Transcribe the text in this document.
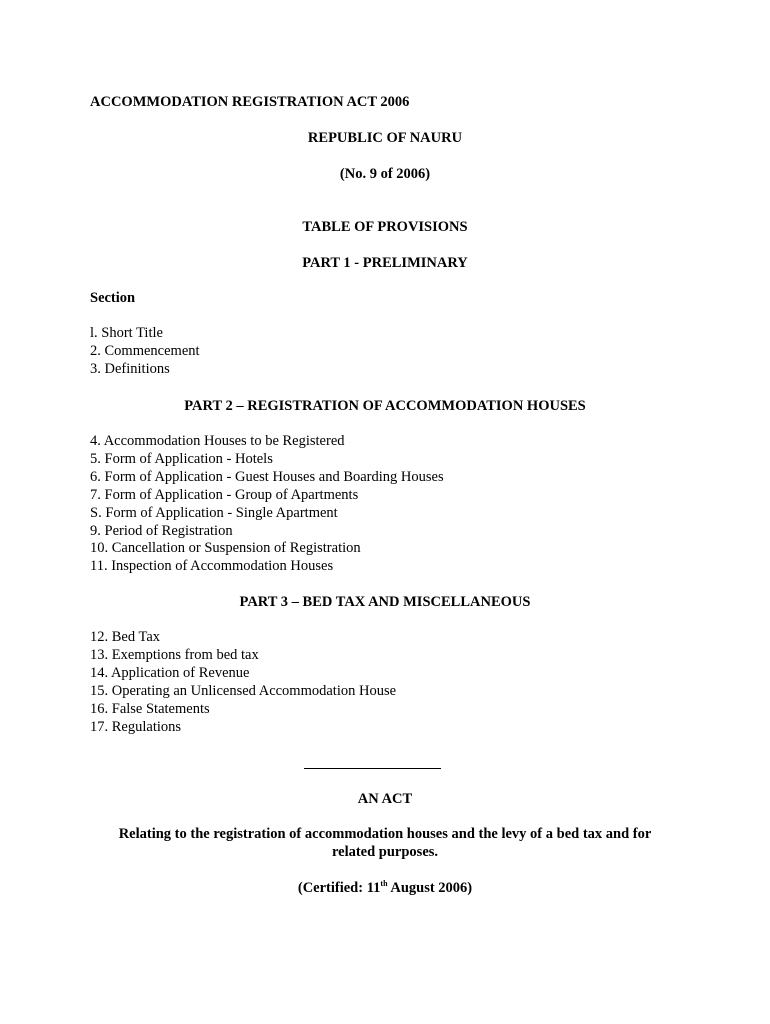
ACCOMMODATION REGISTRATION ACT 2006
REPUBLIC OF NAURU
(No. 9 of 2006)
TABLE OF PROVISIONS
PART 1 - PRELIMINARY
Section
l. Short Title
2. Commencement
3. Definitions
PART 2 – REGISTRATION OF ACCOMMODATION HOUSES
4. Accommodation Houses to be Registered
5. Form of Application - Hotels
6. Form of Application - Guest Houses and Boarding Houses
7. Form of Application - Group of Apartments
S. Form of Application - Single Apartment
9. Period of Registration
10. Cancellation or Suspension of Registration
11. Inspection of Accommodation Houses
PART 3 – BED TAX AND MISCELLANEOUS
12. Bed Tax
13. Exemptions from bed tax
14. Application of Revenue
15. Operating an Unlicensed Accommodation House
16. False Statements
17. Regulations
AN ACT
Relating to the registration of accommodation houses and the levy of a bed tax and for
related purposes.
(Certified: 11th August 2006)
